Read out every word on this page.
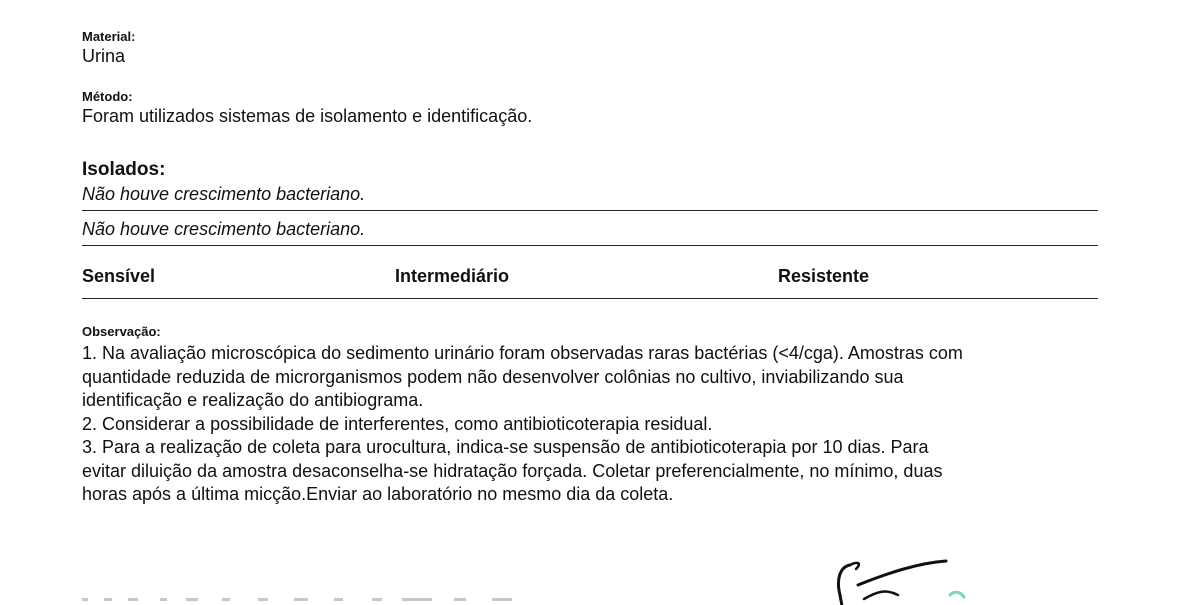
Material:
Urina
Método:
Foram utilizados sistemas de isolamento e identificação.
Isolados:
Não houve crescimento bacteriano.
Não houve crescimento bacteriano.
Sensível	Intermediário	Resistente
Observação:
1. Na avaliação microscópica do sedimento urinário foram observadas raras bactérias (<4/cga). Amostras com
quantidade reduzida de microrganismos podem não desenvolver colônias no cultivo, inviabilizando sua
identificação e realização do antibiograma.
2. Considerar a possibilidade de interferentes, como antibioticoterapia residual.
3. Para a realização de coleta para urocultura, indica-se suspensão de antibioticoterapia por 10 dias. Para
evitar diluição da amostra desaconselha-se hidratação forçada. Coletar preferencialmente, no mínimo, duas
horas após a última micção.Enviar ao laboratório no mesmo dia da coleta.
